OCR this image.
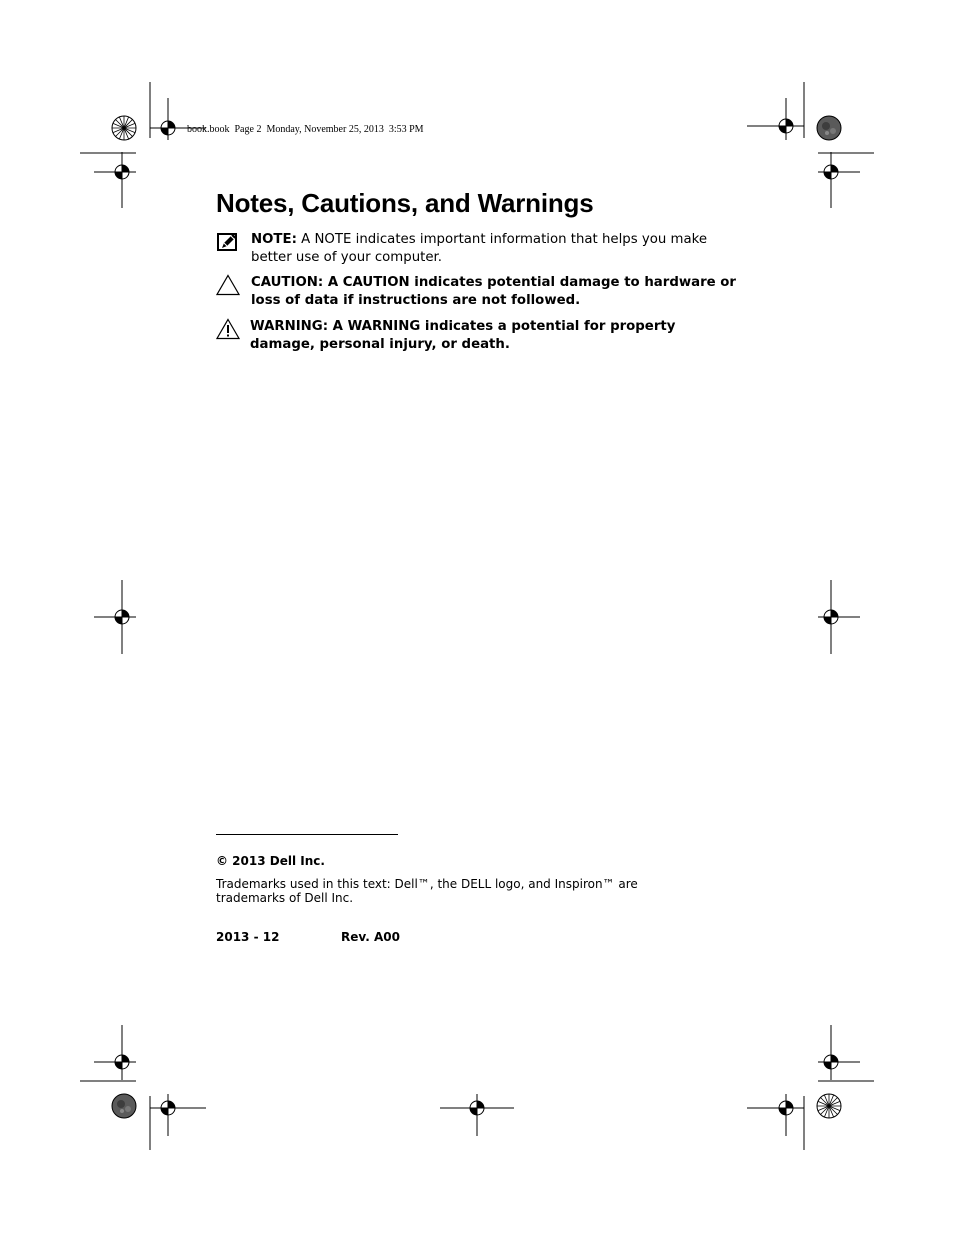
book.book  Page 2  Monday, November 25, 2013  3:53 PM
Notes, Cautions, and Warnings
NOTE: A NOTE indicates important information that helps you make better use of your computer.
CAUTION: A CAUTION indicates potential damage to hardware or loss of data if instructions are not followed.
WARNING: A WARNING indicates a potential for property damage, personal injury, or death.
© 2013 Dell Inc.
Trademarks used in this text: Dell™, the DELL logo, and Inspiron™ are trademarks of Dell Inc.
2013 - 12	Rev. A00
